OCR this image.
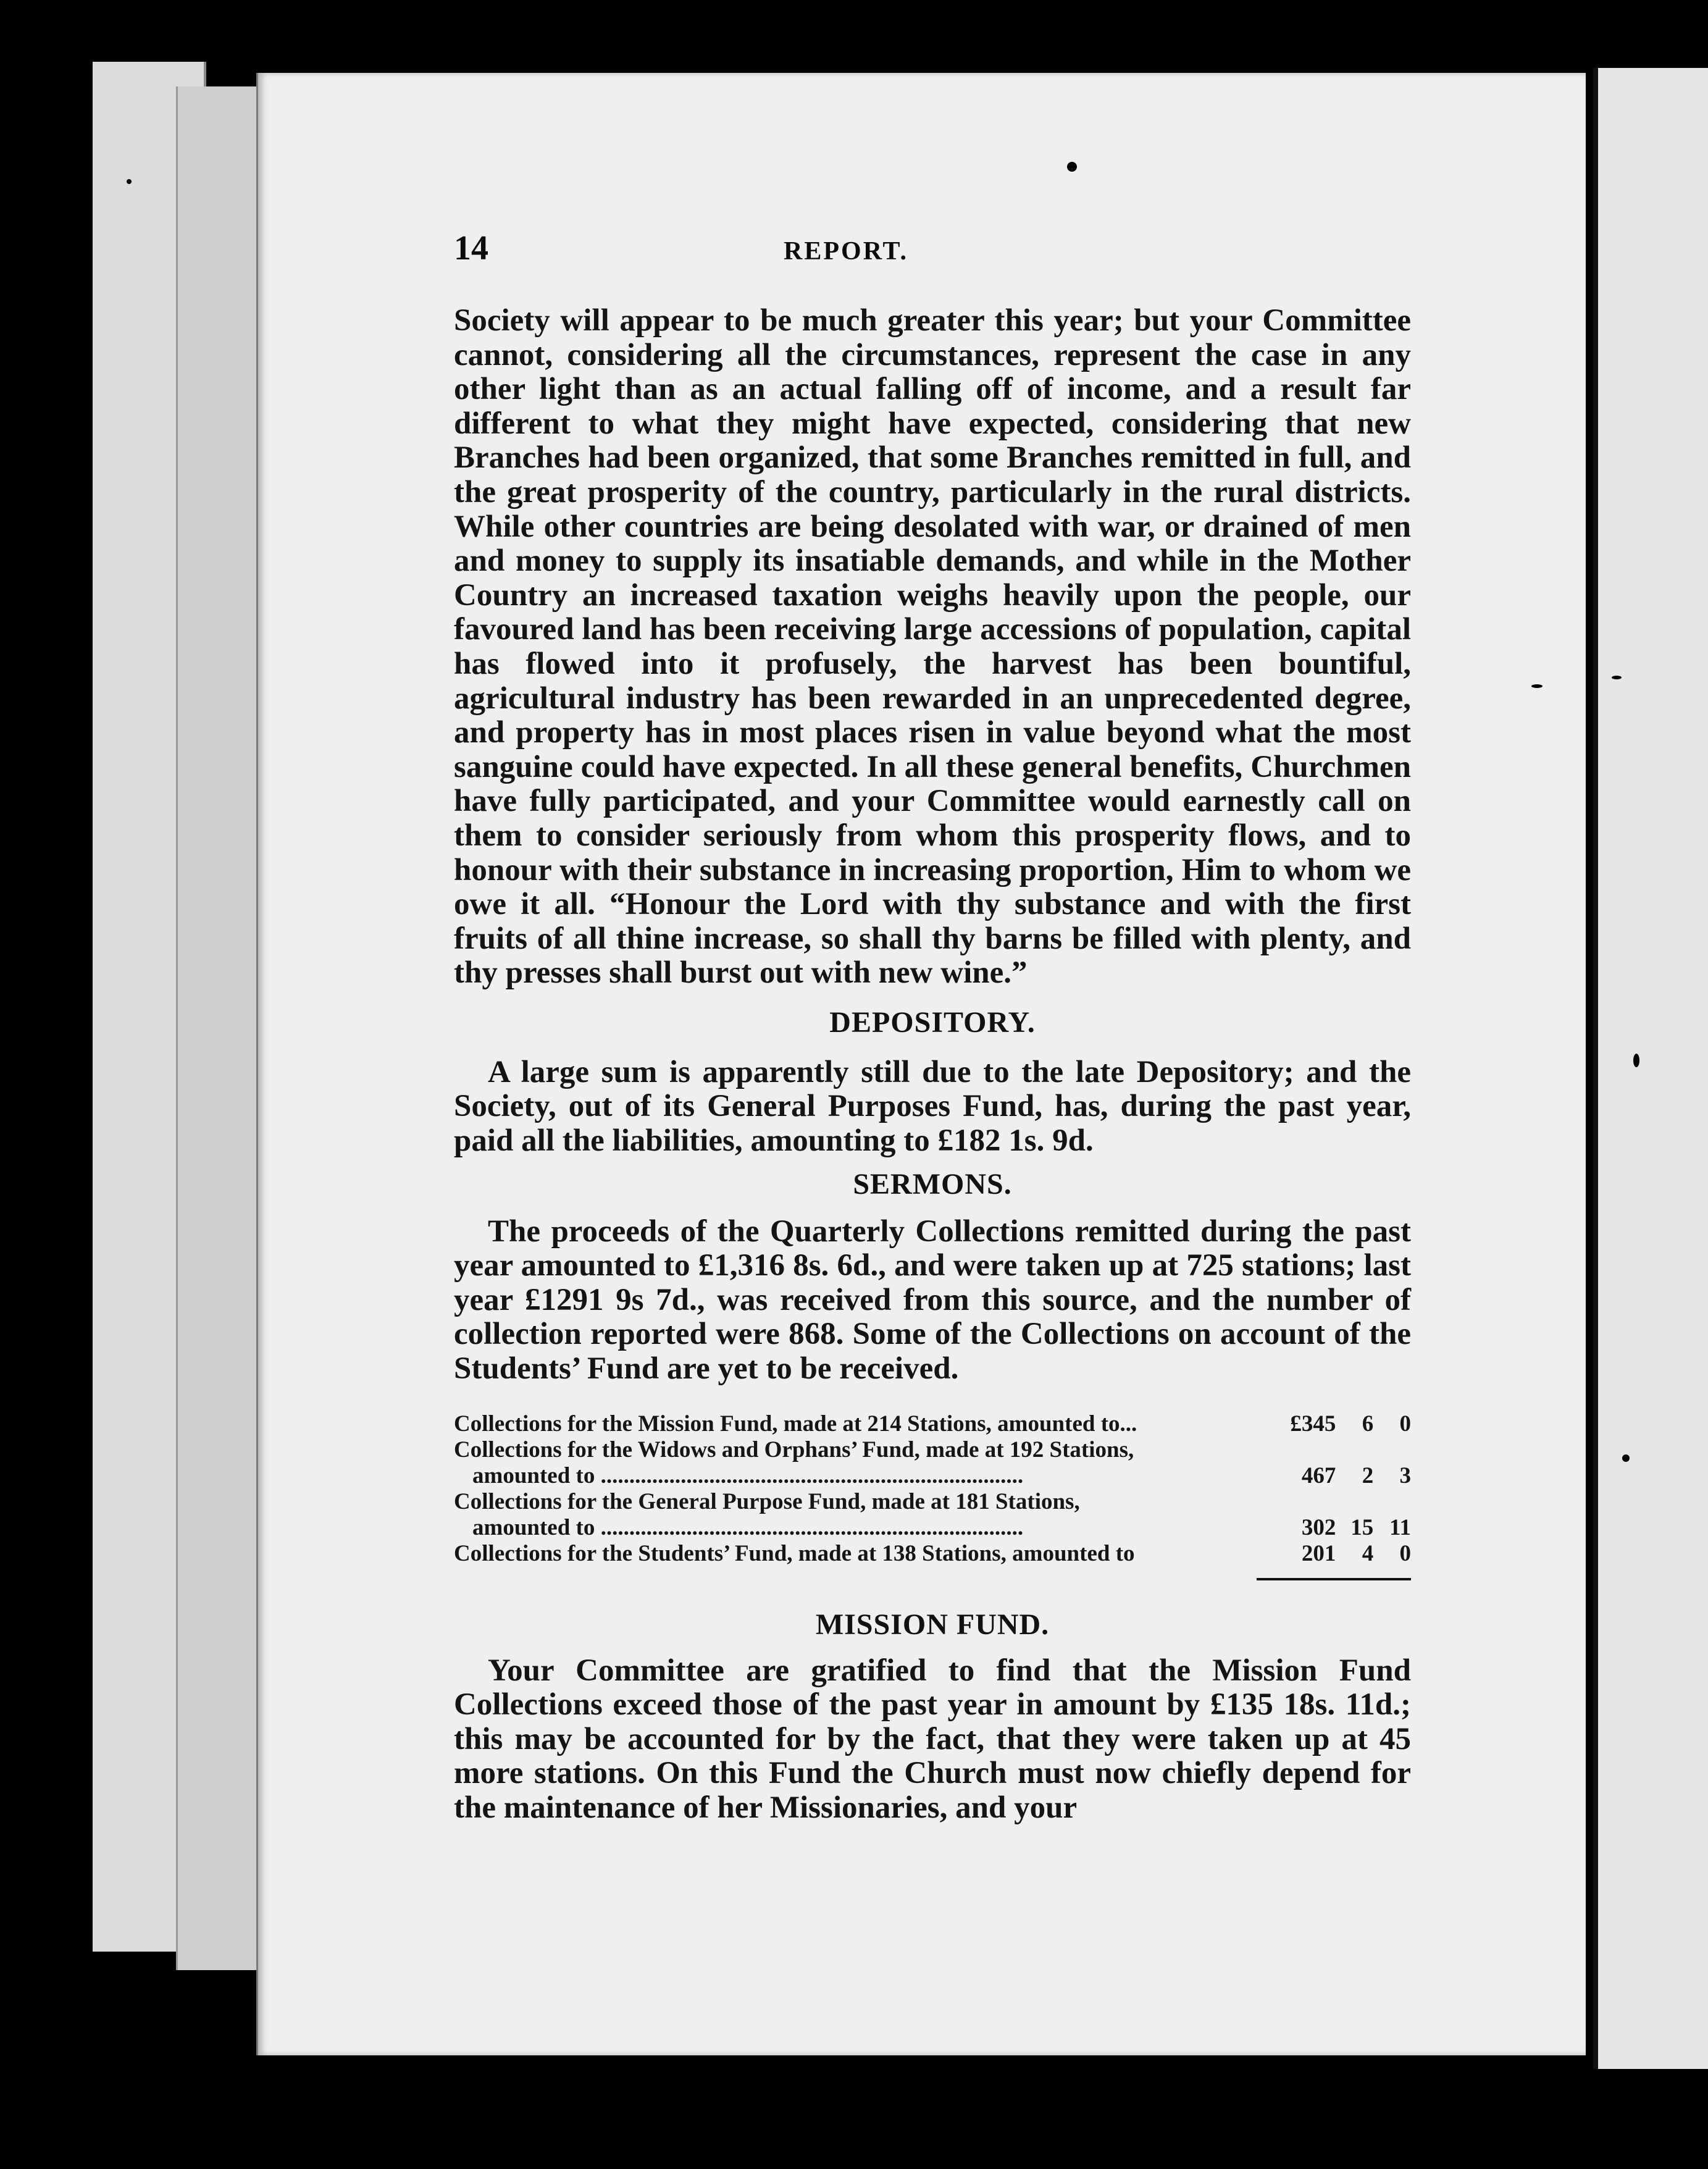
14	REPORT.

Society will appear to be much greater this year; but your Committee cannot, considering all the circumstances, represent the case in any other light than as an actual falling off of income, and a result far different to what they might have expected, considering that new Branches had been organized, that some Branches remitted in full, and the great prosperity of the country, particularly in the rural districts. While other countries are being desolated with war, or drained of men and money to supply its insatiable demands, and while in the Mother Country an increased taxation weighs heavily upon the people, our favoured land has been receiving large accessions of population, capital has flowed into it profusely, the harvest has been bountiful, agricultural industry has been rewarded in an unprecedented degree, and property has in most places risen in value beyond what the most sanguine could have expected. In all these general benefits, Churchmen have fully participated, and your Committee would earnestly call on them to consider seriously from whom this prosperity flows, and to honour with their substance in increasing proportion, Him to whom we owe it all. “Honour the Lord with thy substance and with the first fruits of all thine increase, so shall thy barns be filled with plenty, and thy presses shall burst out with new wine.”

DEPOSITORY.

A large sum is apparently still due to the late Depository; and the Society, out of its General Purposes Fund, has, during the past year, paid all the liabilities, amounting to £182 1s. 9d.

SERMONS.

The proceeds of the Quarterly Collections remitted during the past year amounted to £1,316 8s. 6d., and were taken up at 725 stations; last year £1291 9s 7d., was received from this source, and the number of collection reported were 868. Some of the Collections on account of the Students’ Fund are yet to be received.

Collections for the Mission Fund, made at 214 Stations, amounted to...	£345	6	0
Collections for the Widows and Orphans’ Fund, made at 192 Stations,
amounted to ..........................................................................	467	2	3
Collections for the General Purpose Fund, made at 181 Stations,
amounted to ..........................................................................	302	15	11
Collections for the Students’ Fund, made at 138 Stations, amounted to	201	4	0
MISSION FUND.

Your Committee are gratified to find that the Mission Fund Collections exceed those of the past year in amount by £135 18s. 11d.; this may be accounted for by the fact, that they were taken up at 45 more stations. On this Fund the Church must now chiefly depend for the maintenance of her Missionaries, and your
